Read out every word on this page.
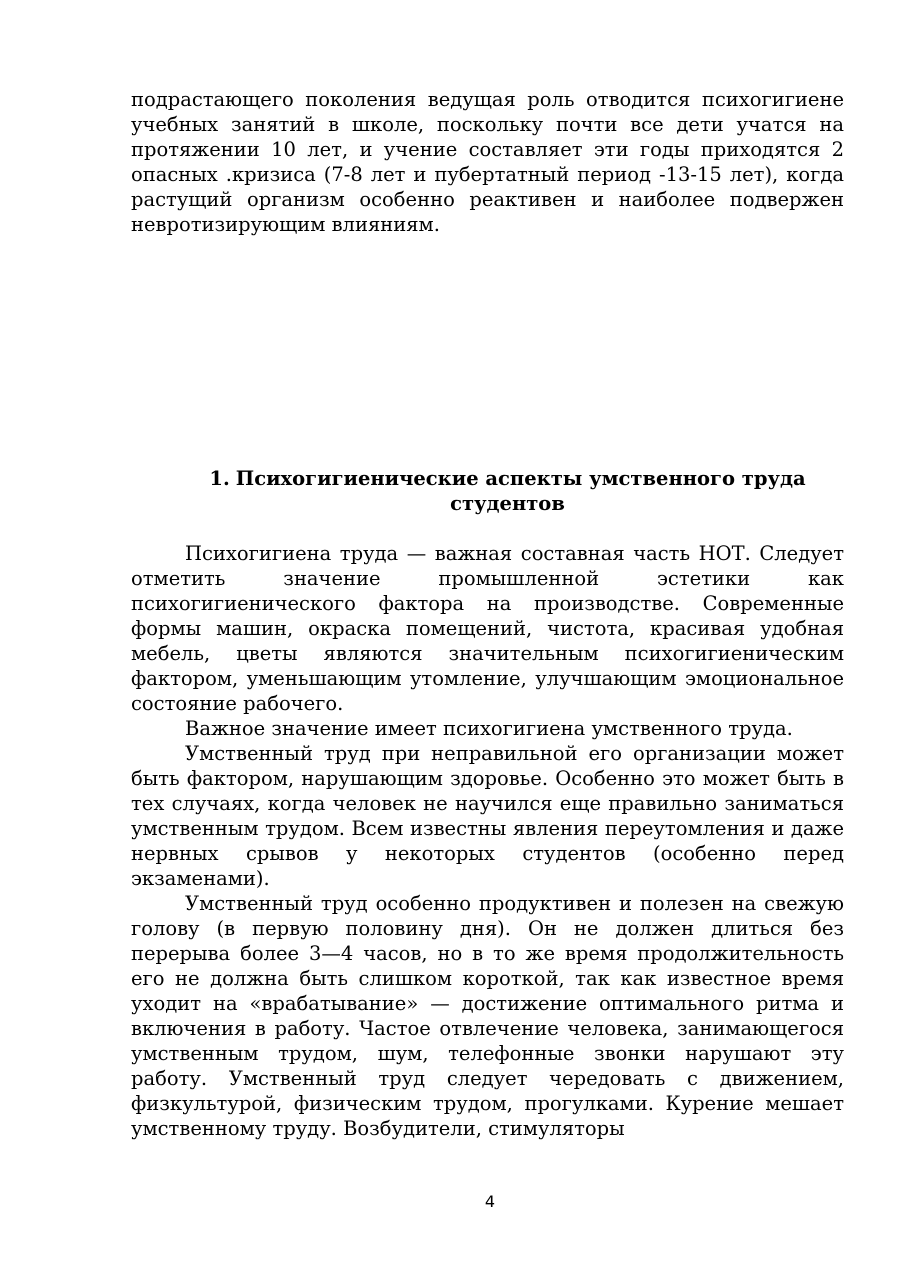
подрастающего поколения ведущая роль отводится психогигиене учебных занятий в школе, поскольку почти все дети учатся на протяжении 10 лет, и учение составляет эти годы приходятся 2 опасных .кризиса (7-8 лет и пубертатный период -13-15 лет), когда растущий организм особенно реактивен и наиболее подвержен невротизирующим влияниям.

1. Психогигиенические аспекты умственного труда студентов

Психогигиена труда — важная составная часть НОТ. Следует отметить значение промышленной эстетики как психогигиенического фактора на производстве. Современные формы машин, окраска помещений, чистота, красивая удобная мебель, цветы являются значительным психогигиеническим фактором, уменьшающим утомление, улучшающим эмоциональное состояние рабочего.

Важное значение имеет психогигиена умственного труда.

Умственный труд при неправильной его организации может быть фактором, нарушающим здоровье. Особенно это может быть в тех случаях, когда человек не научился еще правильно заниматься умственным трудом. Всем известны явления переутомления и даже нервных срывов у некоторых студентов (особенно перед экзаменами).

Умственный труд особенно продуктивен и полезен на свежую голову (в первую половину дня). Он не должен длиться без перерыва более 3—4 часов, но в то же время продолжительность его не должна быть слишком короткой, так как известное время уходит на «врабатывание» — достижение оптимального ритма и включения в работу. Частое отвлечение человека, занимающегося умственным трудом, шум, телефонные звонки нарушают эту работу. Умственный труд следует чередовать с движением, физкультурой, физическим трудом, прогулками. Курение мешает умственному труду. Возбудители, стимуляторы

4
